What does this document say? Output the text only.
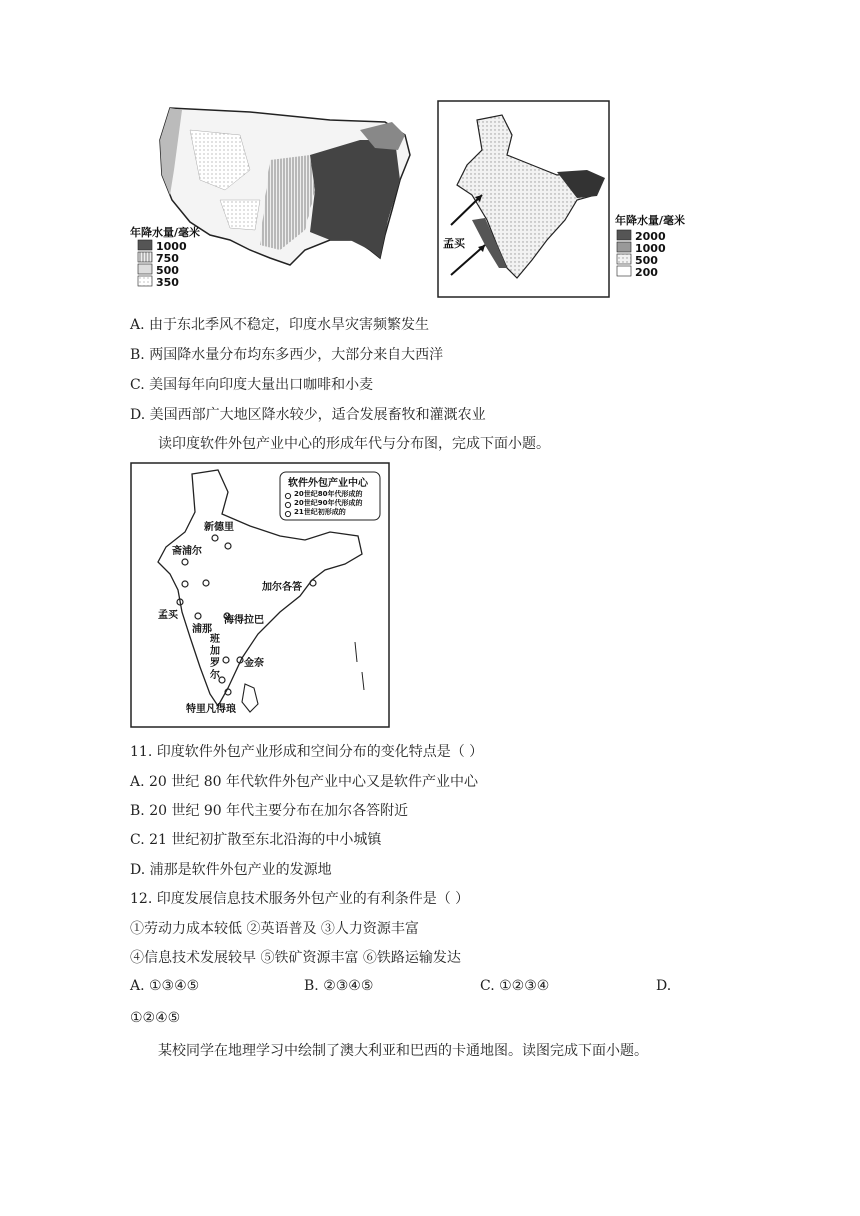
年降水量/毫米
1000
750
500
350
孟买
年降水量/毫米
2000
1000
500
200
A. 由于东北季风不稳定，印度水旱灾害频繁发生
B. 两国降水量分布均东多西少，大部分来自大西洋
C. 美国每年向印度大量出口咖啡和小麦
D. 美国西部广大地区降水较少，适合发展畜牧和灌溉农业
读印度软件外包产业中心的形成年代与分布图，完成下面小题。
软件外包产业中心
20世纪80年代形成的
20世纪90年代形成的
21世纪初形成的
新德里
斋浦尔
加尔各答
孟买	海得拉巴
浦那
班加罗尔
金奈
特里凡得琅
11. 印度软件外包产业形成和空间分布的变化特点是（ ）
A. 20 世纪 80 年代软件外包产业中心又是软件产业中心
B. 20 世纪 90 年代主要分布在加尔各答附近
C. 21 世纪初扩散至东北沿海的中小城镇
D. 浦那是软件外包产业的发源地
12. 印度发展信息技术服务外包产业的有利条件是（ ）
①劳动力成本较低 ②英语普及 ③人力资源丰富
④信息技术发展较早 ⑤铁矿资源丰富 ⑥铁路运输发达
A. ①③④⑤	B. ②③④⑤	C. ①②③④	D.
①②④⑤
某校同学在地理学习中绘制了澳大利亚和巴西的卡通地图。读图完成下面小题。
